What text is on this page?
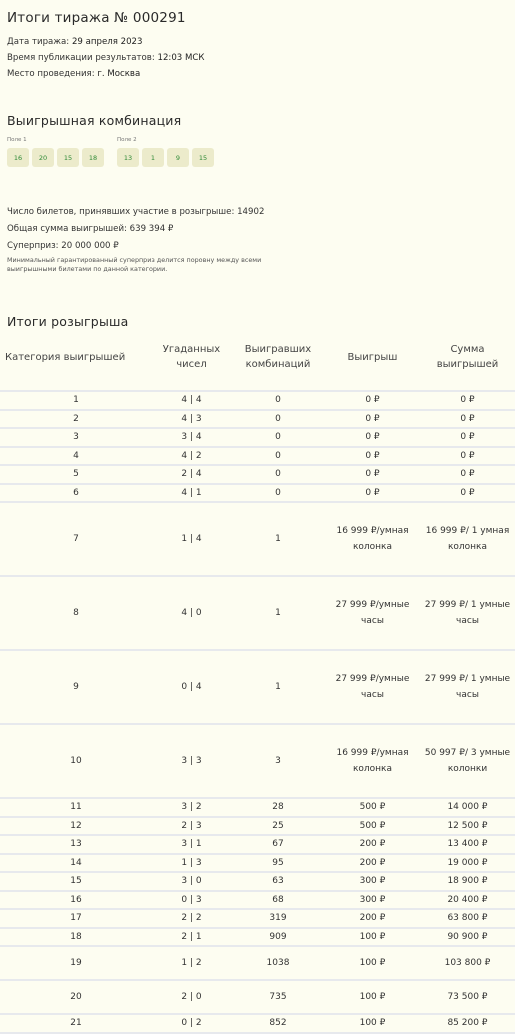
Итоги тиража № 000291
Дата тиража: 29 апреля 2023
Время публикации результатов: 12:03 МСК
Место проведения: г. Москва
Выигрышная комбинация
Поле 1
16	20	15	18
Поле 2
13	1	9	15
Число билетов, принявших участие в розыгрыше: 14902
Общая сумма выигрышей: 639 394 ₽
Суперприз: 20 000 000 ₽
Минимальный гарантированный суперприз делится поровну между всеми выигрышными билетами по данной категории.
Итоги розыгрыша
Категория выигрышей	Угаданных чисел	Выигравших комбинаций	Выигрыш	Сумма выигрышей

1	4 | 4	0	0 ₽	0 ₽
2	4 | 3	0	0 ₽	0 ₽
3	3 | 4	0	0 ₽	0 ₽
4	4 | 2	0	0 ₽	0 ₽
5	2 | 4	0	0 ₽	0 ₽
6	4 | 1	0	0 ₽	0 ₽
7	1 | 4	1	16 999 ₽/умная колонка	16 999 ₽/ 1 умная колонка
8	4 | 0	1	27 999 ₽/умные часы	27 999 ₽/ 1 умные часы
9	0 | 4	1	27 999 ₽/умные часы	27 999 ₽/ 1 умные часы
10	3 | 3	3	16 999 ₽/умная колонка	50 997 ₽/ 3 умные колонки
11	3 | 2	28	500 ₽	14 000 ₽
12	2 | 3	25	500 ₽	12 500 ₽
13	3 | 1	67	200 ₽	13 400 ₽
14	1 | 3	95	200 ₽	19 000 ₽
15	3 | 0	63	300 ₽	18 900 ₽
16	0 | 3	68	300 ₽	20 400 ₽
17	2 | 2	319	200 ₽	63 800 ₽
18	2 | 1	909	100 ₽	90 900 ₽
19	1 | 2	1038	100 ₽	103 800 ₽
20	2 | 0	735	100 ₽	73 500 ₽
21	0 | 2	852	100 ₽	85 200 ₽
